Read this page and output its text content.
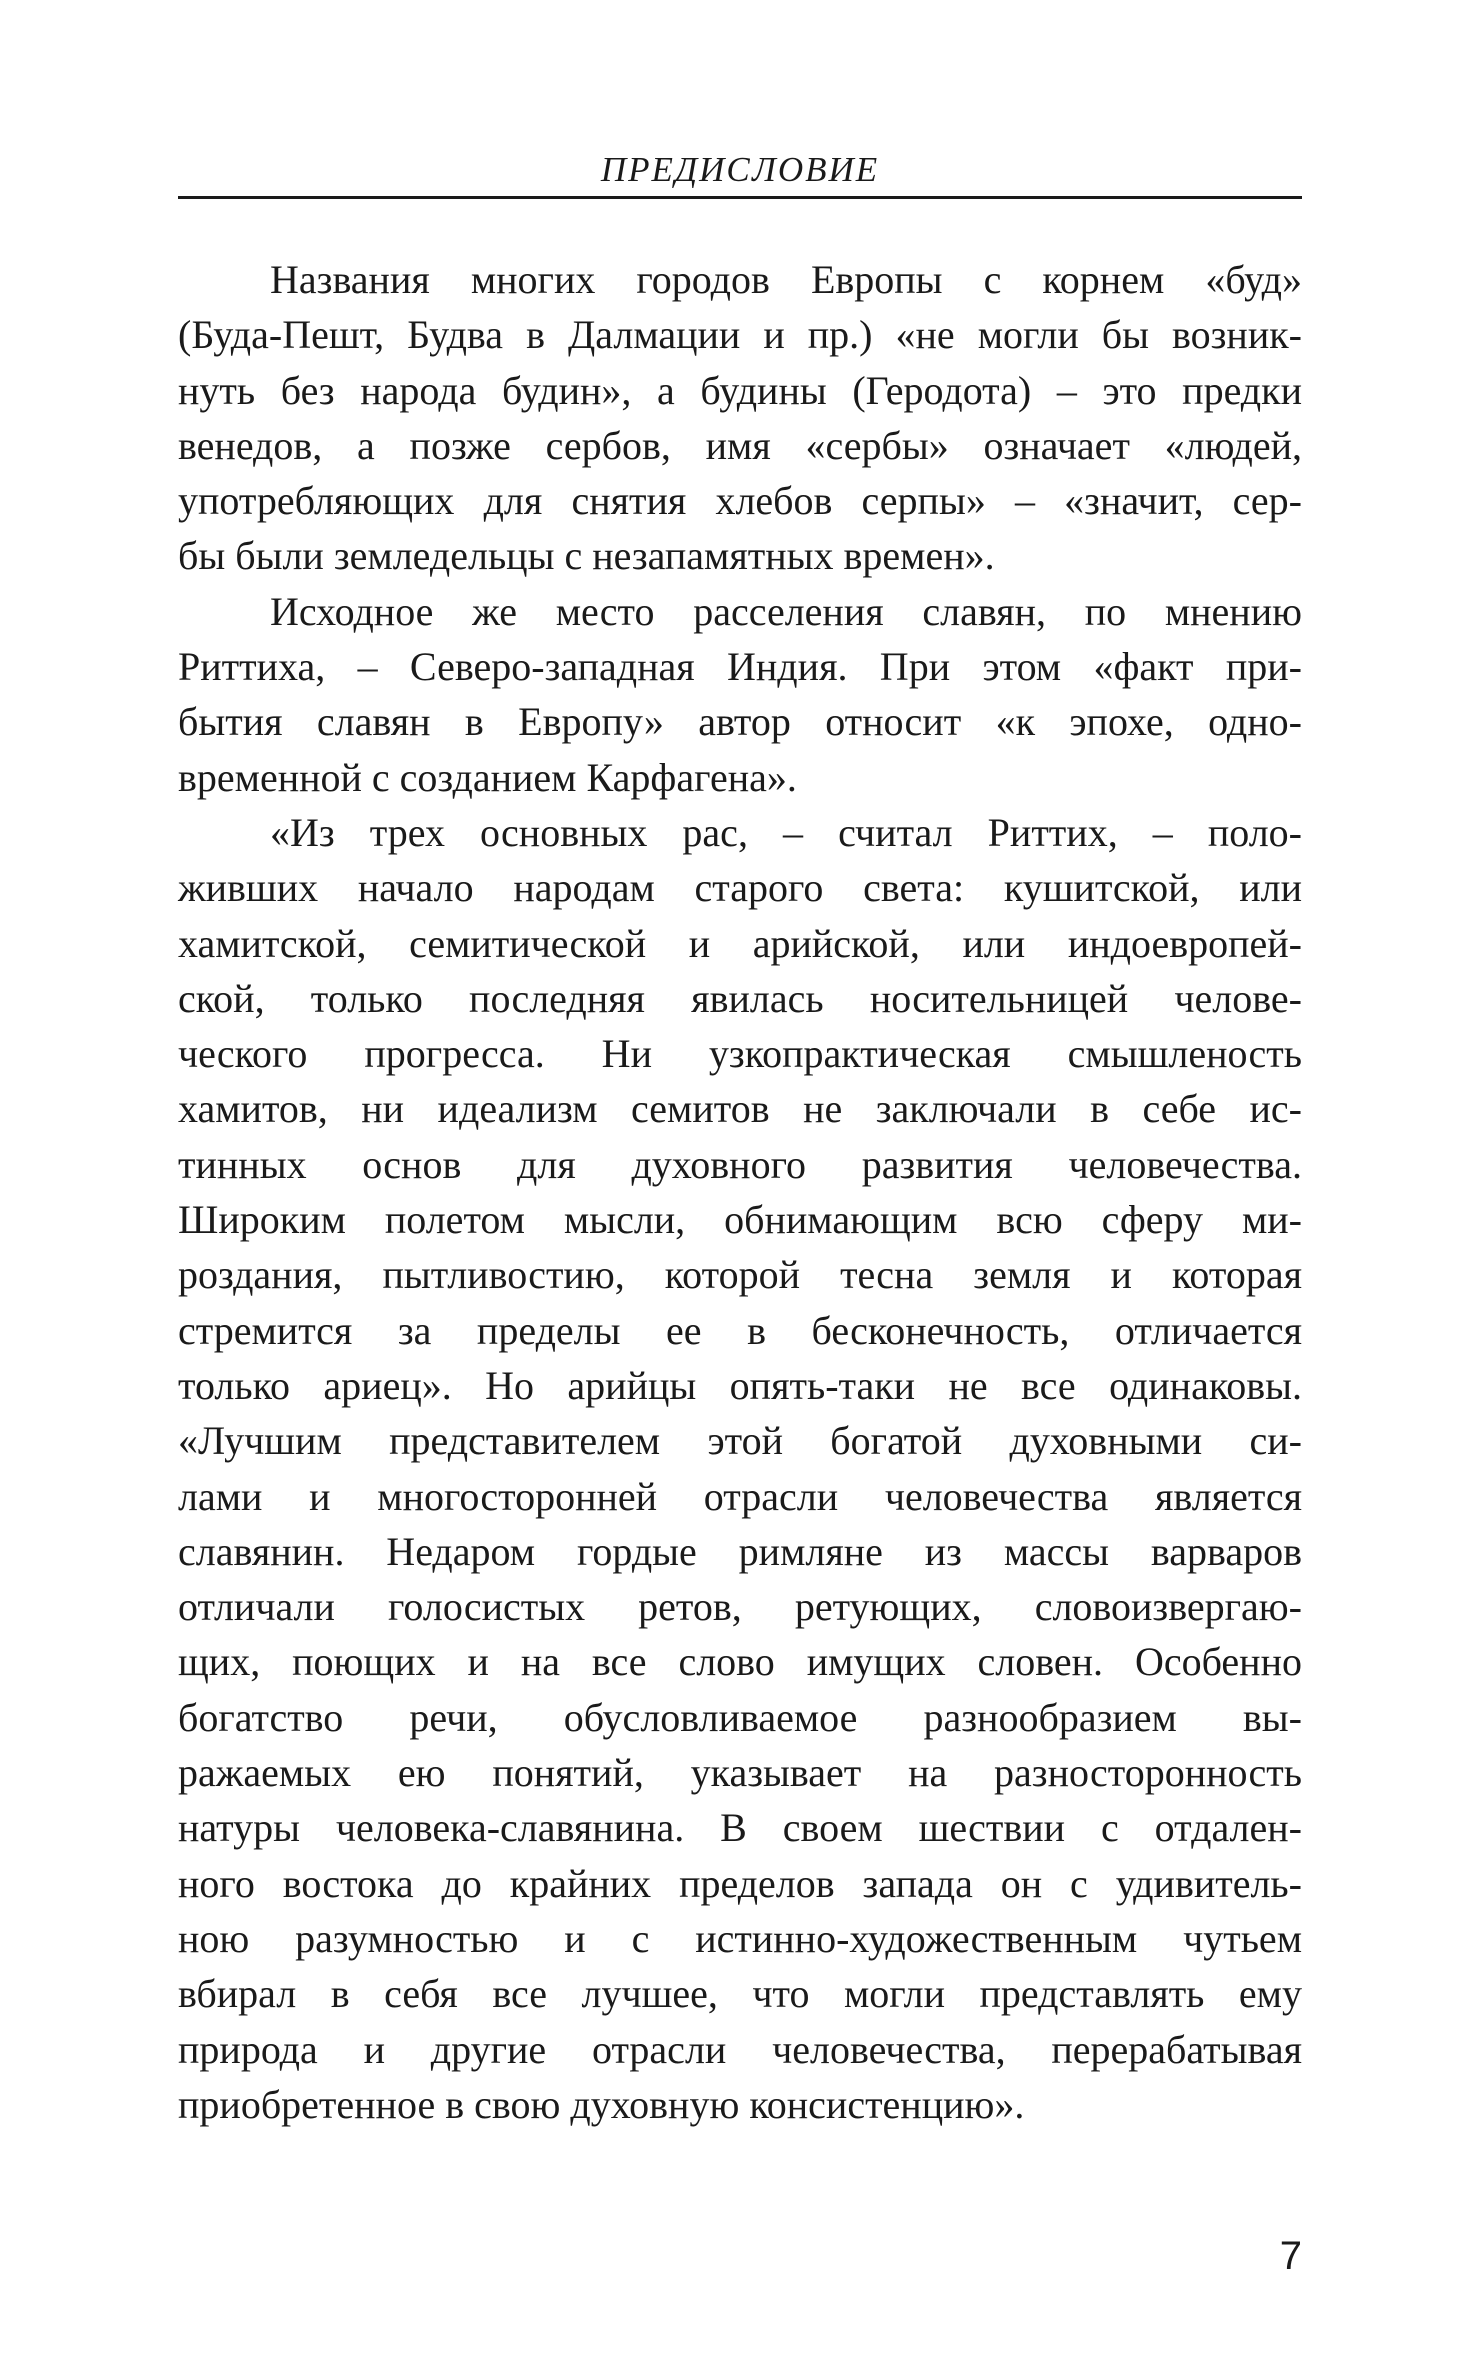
ПРЕДИСЛОВИЕ

Названия многих городов Европы с корнем «буд»
(Буда-Пешт, Будва в Далмации и пр.) «не могли бы возник-
нуть без народа будин», а будины (Геродота) – это предки
венедов, а позже сербов, имя «сербы» означает «людей,
употребляющих для снятия хлебов серпы» – «значит, сер-
бы были земледельцы с незапамятных времен».

Исходное же место расселения славян, по мнению
Риттиха, – Северо-западная Индия. При этом «факт при-
бытия славян в Европу» автор относит «к эпохе, одно-
временной с созданием Карфагена».

«Из трех основных рас, – считал Риттих, – поло-
живших начало народам старого света: кушитской, или
хамитской, семитической и арийской, или индоевропей-
ской, только последняя явилась носительницей челове-
ческого прогресса. Ни узкопрактическая смышленость
хамитов, ни идеализм семитов не заключали в себе ис-
тинных основ для духовного развития человечества.
Широким полетом мысли, обнимающим всю сферу ми-
роздания, пытливостию, которой тесна земля и которая
стремится за пределы ее в бесконечность, отличается
только ариец». Но арийцы опять-таки не все одинаковы.
«Лучшим представителем этой богатой духовными си-
лами и многосторонней отрасли человечества является
славянин. Недаром гордые римляне из массы варваров
отличали голосистых ретов, ретующих, словоизвергаю-
щих, поющих и на все слово имущих словен. Особенно
богатство речи, обусловливаемое разнообразием вы-
ражаемых ею понятий, указывает на разносторонность
натуры человека-славянина. В своем шествии с отдален-
ного востока до крайних пределов запада он с удивитель-
ною разумностью и с истинно-художественным чутьем
вбирал в себя все лучшее, что могли представлять ему
природа и другие отрасли человечества, перерабатывая
приобретенное в свою духовную консистенцию».

7
